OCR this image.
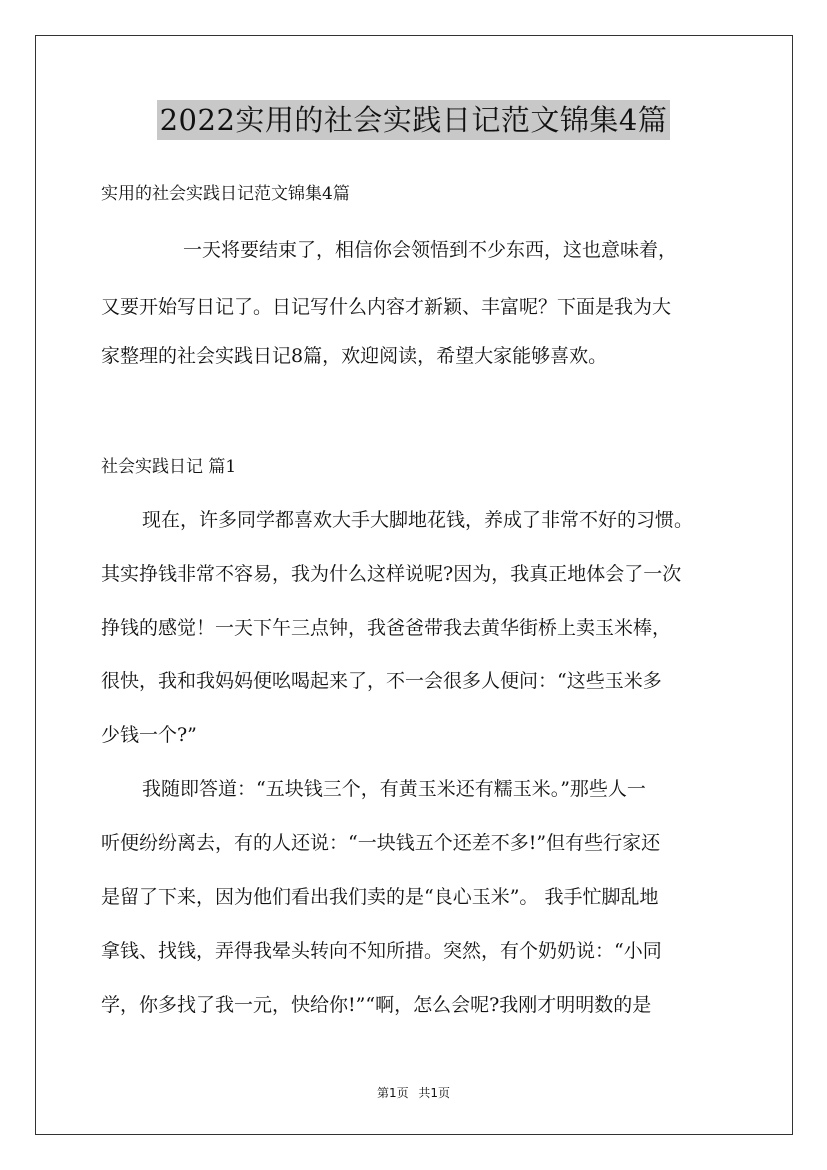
2022实用的社会实践日记范文锦集4篇
实用的社会实践日记范文锦集4篇
一天将要结束了，相信你会领悟到不少东西，这也意味着，
又要开始写日记了。日记写什么内容才新颖、丰富呢？下面是我为大
家整理的社会实践日记8篇，欢迎阅读，希望大家能够喜欢。
社会实践日记 篇1
现在，许多同学都喜欢大手大脚地花钱，养成了非常不好的习惯。
其实挣钱非常不容易，我为什么这样说呢?因为，我真正地体会了一次
挣钱的感觉！一天下午三点钟，我爸爸带我去黄华街桥上卖玉米棒，
很快，我和我妈妈便吆喝起来了，不一会很多人便问：“这些玉米多
少钱一个?”
我随即答道：“五块钱三个，有黄玉米还有糯玉米。”那些人一
听便纷纷离去，有的人还说：“一块钱五个还差不多!”但有些行家还
是留了下来，因为他们看出我们卖的是“良心玉米”。 我手忙脚乱地
拿钱、找钱，弄得我晕头转向不知所措。突然，有个奶奶说：“小同
学，你多找了我一元，快给你!”“啊，怎么会呢?我刚才明明数的是
第1页 共1页
